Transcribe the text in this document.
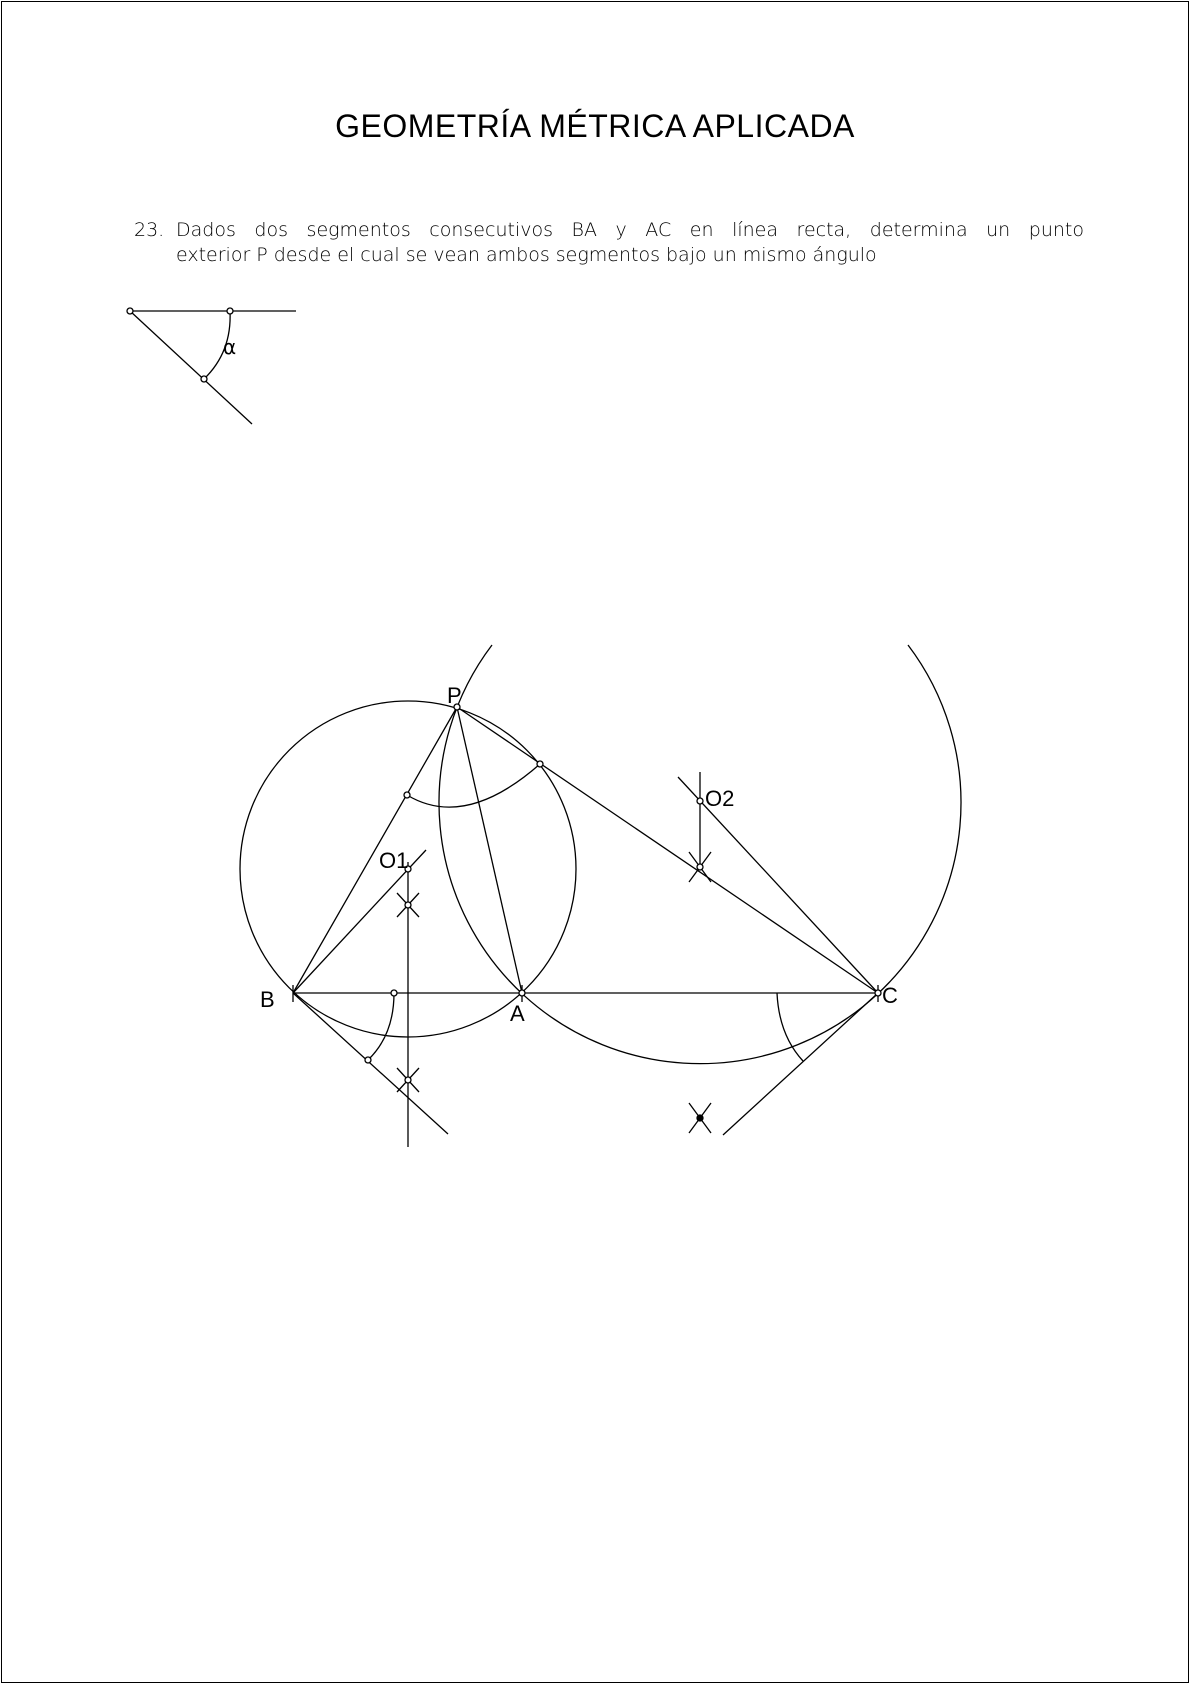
GEOMETRÍA MÉTRICA APLICADA
23. Dados dos segmentos consecutivos BA y AC en línea recta, determina un punto
exterior P desde el cual se vean ambos segmentos bajo un mismo ángulo
α
P
B
A
C
O1
O2
